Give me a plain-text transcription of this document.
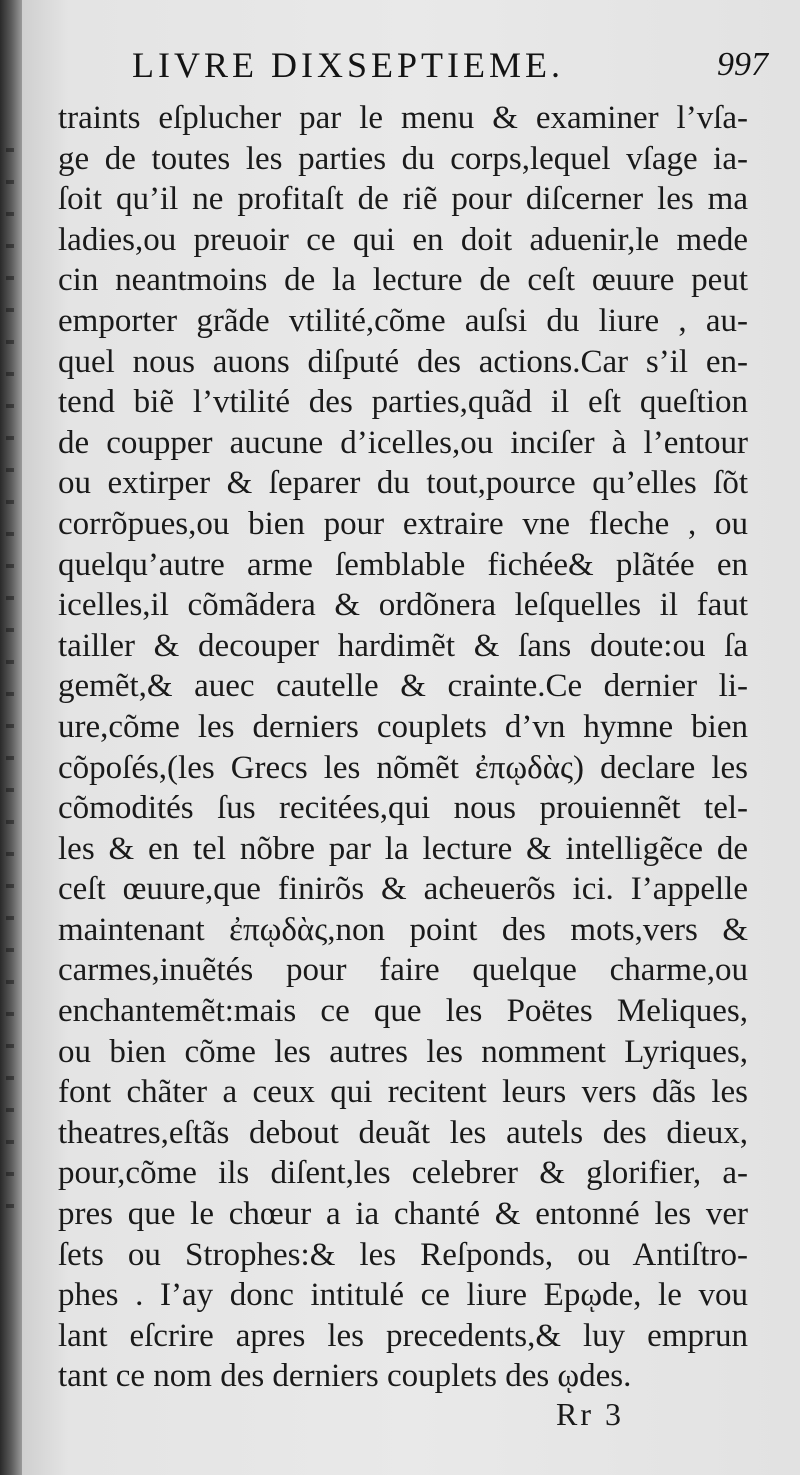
LIVRE DIXSEPTIEME.	997
traints eſplucher par le menu & examiner l’vſa-
ge de toutes les parties du corps,lequel vſage ia-
ſoit qu’il ne profitaſt de riẽ pour diſcerner les ma
ladies,ou preuoir ce qui en doit aduenir,le mede
cin neantmoins de la lecture de ceſt œuure peut
emporter grãde vtilité,cõme auſsi du liure , au-
quel nous auons diſputé des actions.Car s’il en-
tend biẽ l’vtilité des parties,quãd il eſt queſtion
de coupper aucune d’icelles,ou inciſer à l’entour
ou extirper & ſeparer du tout,pource qu’elles ſõt
corrõpues,ou bien pour extraire vne fleche , ou
quelqu’autre arme ſemblable fichée& plãtée en
icelles,il cõmãdera & ordõnera leſquelles il faut
tailler & decouper hardimẽt & ſans doute:ou ſa
gemẽt,& auec cautelle & crainte.Ce dernier li-
ure,cõme les derniers couplets d’vn hymne bien
cõpoſés,(les Grecs les nõmẽt ἐπῳδὰς) declare les
cõmodités ſus recitées,qui nous prouiennẽt tel-
les & en tel nõbre par la lecture & intelligẽce de
ceſt œuure,que finirõs & acheuerõs ici. I’appelle
maintenant ἐπῳδὰς,non point des mots,vers &
carmes,inuẽtés pour faire quelque charme,ou
enchantemẽt:mais ce que les Poëtes Meliques,
ou bien cõme les autres les nomment Lyriques,
font chãter a ceux qui recitent leurs vers dãs les
theatres,eſtãs debout deuãt les autels des dieux,
pour,cõme ils diſent,les celebrer & glorifier, a-
pres que le chœur a ia chanté & entonné les ver
ſets ou Strophes:& les Reſponds, ou Antiſtro-
phes . I’ay donc intitulé ce liure Epῳde, le vou
lant eſcrire apres les precedents,& luy emprun
tant ce nom des derniers couplets des ῳdes.
Rr 3
